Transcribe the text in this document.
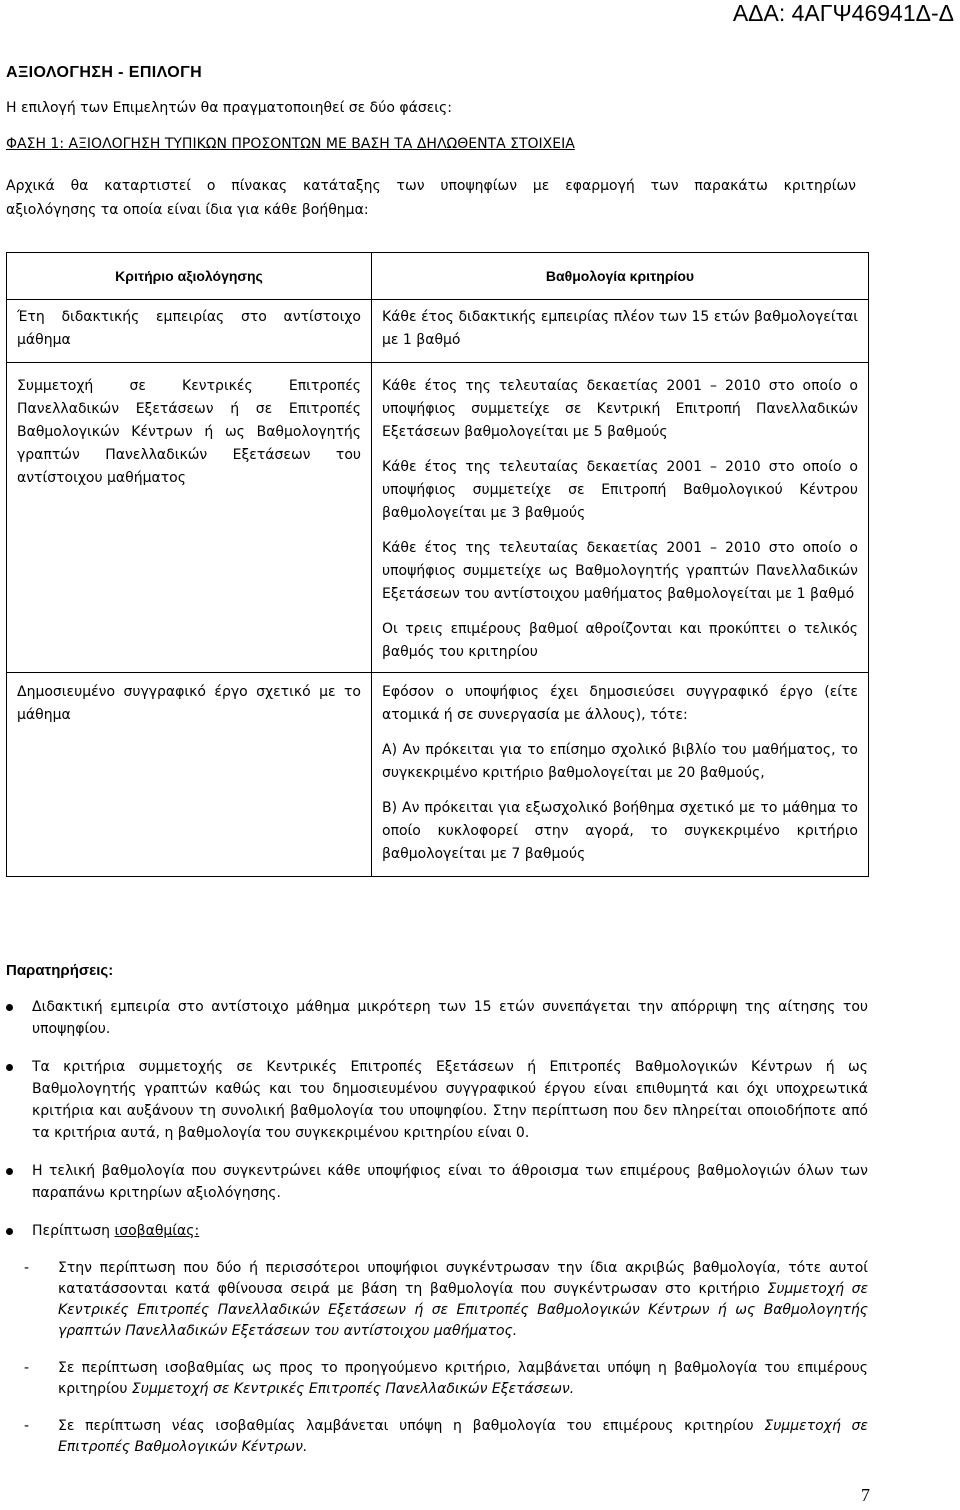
ΑΔΑ: 4ΑΓΨ46941Δ-Δ
ΑΞΙΟΛΟΓΗΣΗ - ΕΠΙΛΟΓΗ
Η επιλογή των Επιμελητών θα πραγματοποιηθεί σε δύο φάσεις:
ΦΑΣΗ 1: ΑΞΙΟΛΟΓΗΣΗ ΤΥΠΙΚΩΝ ΠΡΟΣΟΝΤΩΝ ΜΕ ΒΑΣΗ ΤΑ ΔΗΛΩΘΕΝΤΑ ΣΤΟΙΧΕΙΑ
Αρχικά θα καταρτιστεί ο πίνακας κατάταξης των υποψηφίων με εφαρμογή των παρακάτω κριτηρίων
αξιολόγησης τα οποία είναι ίδια για κάθε βοήθημα:
Κριτήριο αξιολόγησης	Βαθμολογία κριτηρίου

Έτη διδακτικής εμπειρίας στο αντίστοιχο μάθημα	Κάθε έτος διδακτικής εμπειρίας πλέον των 15 ετών βαθμολογείται με 1 βαθμό

Συμμετοχή σε Κεντρικές Επιτροπές Πανελλαδικών Εξετάσεων ή σε Επιτροπές Βαθμολογικών Κέντρων ή ως Βαθμολογητής γραπτών Πανελλαδικών Εξετάσεων του αντίστοιχου μαθήματος	Κάθε έτος της τελευταίας δεκαετίας 2001 – 2010 στο οποίο ο υποψήφιος συμμετείχε σε Κεντρική Επιτροπή Πανελλαδικών Εξετάσεων βαθμολογείται με 5 βαθμούς

Κάθε έτος της τελευταίας δεκαετίας 2001 – 2010 στο οποίο ο υποψήφιος συμμετείχε σε Επιτροπή Βαθμολογικού Κέντρου βαθμολογείται με 3 βαθμούς

Κάθε έτος της τελευταίας δεκαετίας 2001 – 2010 στο οποίο ο υποψήφιος συμμετείχε ως Βαθμολογητής γραπτών Πανελλαδικών Εξετάσεων του αντίστοιχου μαθήματος βαθμολογείται με 1 βαθμό

Οι τρεις επιμέρους βαθμοί αθροίζονται και προκύπτει ο τελικός βαθμός του κριτηρίου

Δημοσιευμένο συγγραφικό έργο σχετικό με το μάθημα	Εφόσον ο υποψήφιος έχει δημοσιεύσει συγγραφικό έργο (είτε ατομικά ή σε συνεργασία με άλλους), τότε:

Α) Αν πρόκειται για το επίσημο σχολικό βιβλίο του μαθήματος, το συγκεκριμένο κριτήριο βαθμολογείται με 20 βαθμούς,

Β) Αν πρόκειται για εξωσχολικό βοήθημα σχετικό με το μάθημα το οποίο κυκλοφορεί στην αγορά, το συγκεκριμένο κριτήριο βαθμολογείται με 7 βαθμούς

Παρατηρήσεις:
Διδακτική εμπειρία στο αντίστοιχο μάθημα μικρότερη των 15 ετών συνεπάγεται την απόρριψη της αίτησης του υποψηφίου.
Τα κριτήρια συμμετοχής σε Κεντρικές Επιτροπές Εξετάσεων ή Επιτροπές Βαθμολογικών Κέντρων ή ως Βαθμολογητής γραπτών καθώς και του δημοσιευμένου συγγραφικού έργου είναι επιθυμητά και όχι υποχρεωτικά κριτήρια και αυξάνουν τη συνολική βαθμολογία του υποψηφίου. Στην περίπτωση που δεν πληρείται οποιοδήποτε από τα κριτήρια αυτά, η βαθμολογία του συγκεκριμένου κριτηρίου είναι 0.
Η τελική βαθμολογία που συγκεντρώνει κάθε υποψήφιος είναι το άθροισμα των επιμέρους βαθμολογιών όλων των παραπάνω κριτηρίων αξιολόγησης.
Περίπτωση ισοβαθμίας:
- Στην περίπτωση που δύο ή περισσότεροι υποψήφιοι συγκέντρωσαν την ίδια ακριβώς βαθμολογία, τότε αυτοί κατατάσσονται κατά φθίνουσα σειρά με βάση τη βαθμολογία που συγκέντρωσαν στο κριτήριο Συμμετοχή σε Κεντρικές Επιτροπές Πανελλαδικών Εξετάσεων ή σε Επιτροπές Βαθμολογικών Κέντρων ή ως Βαθμολογητής γραπτών Πανελλαδικών Εξετάσεων του αντίστοιχου μαθήματος.
- Σε περίπτωση ισοβαθμίας ως προς το προηγούμενο κριτήριο, λαμβάνεται υπόψη η βαθμολογία του επιμέρους κριτηρίου Συμμετοχή σε Κεντρικές Επιτροπές Πανελλαδικών Εξετάσεων.
- Σε περίπτωση νέας ισοβαθμίας λαμβάνεται υπόψη η βαθμολογία του επιμέρους κριτηρίου Συμμετοχή σε Επιτροπές Βαθμολογικών Κέντρων.
7
